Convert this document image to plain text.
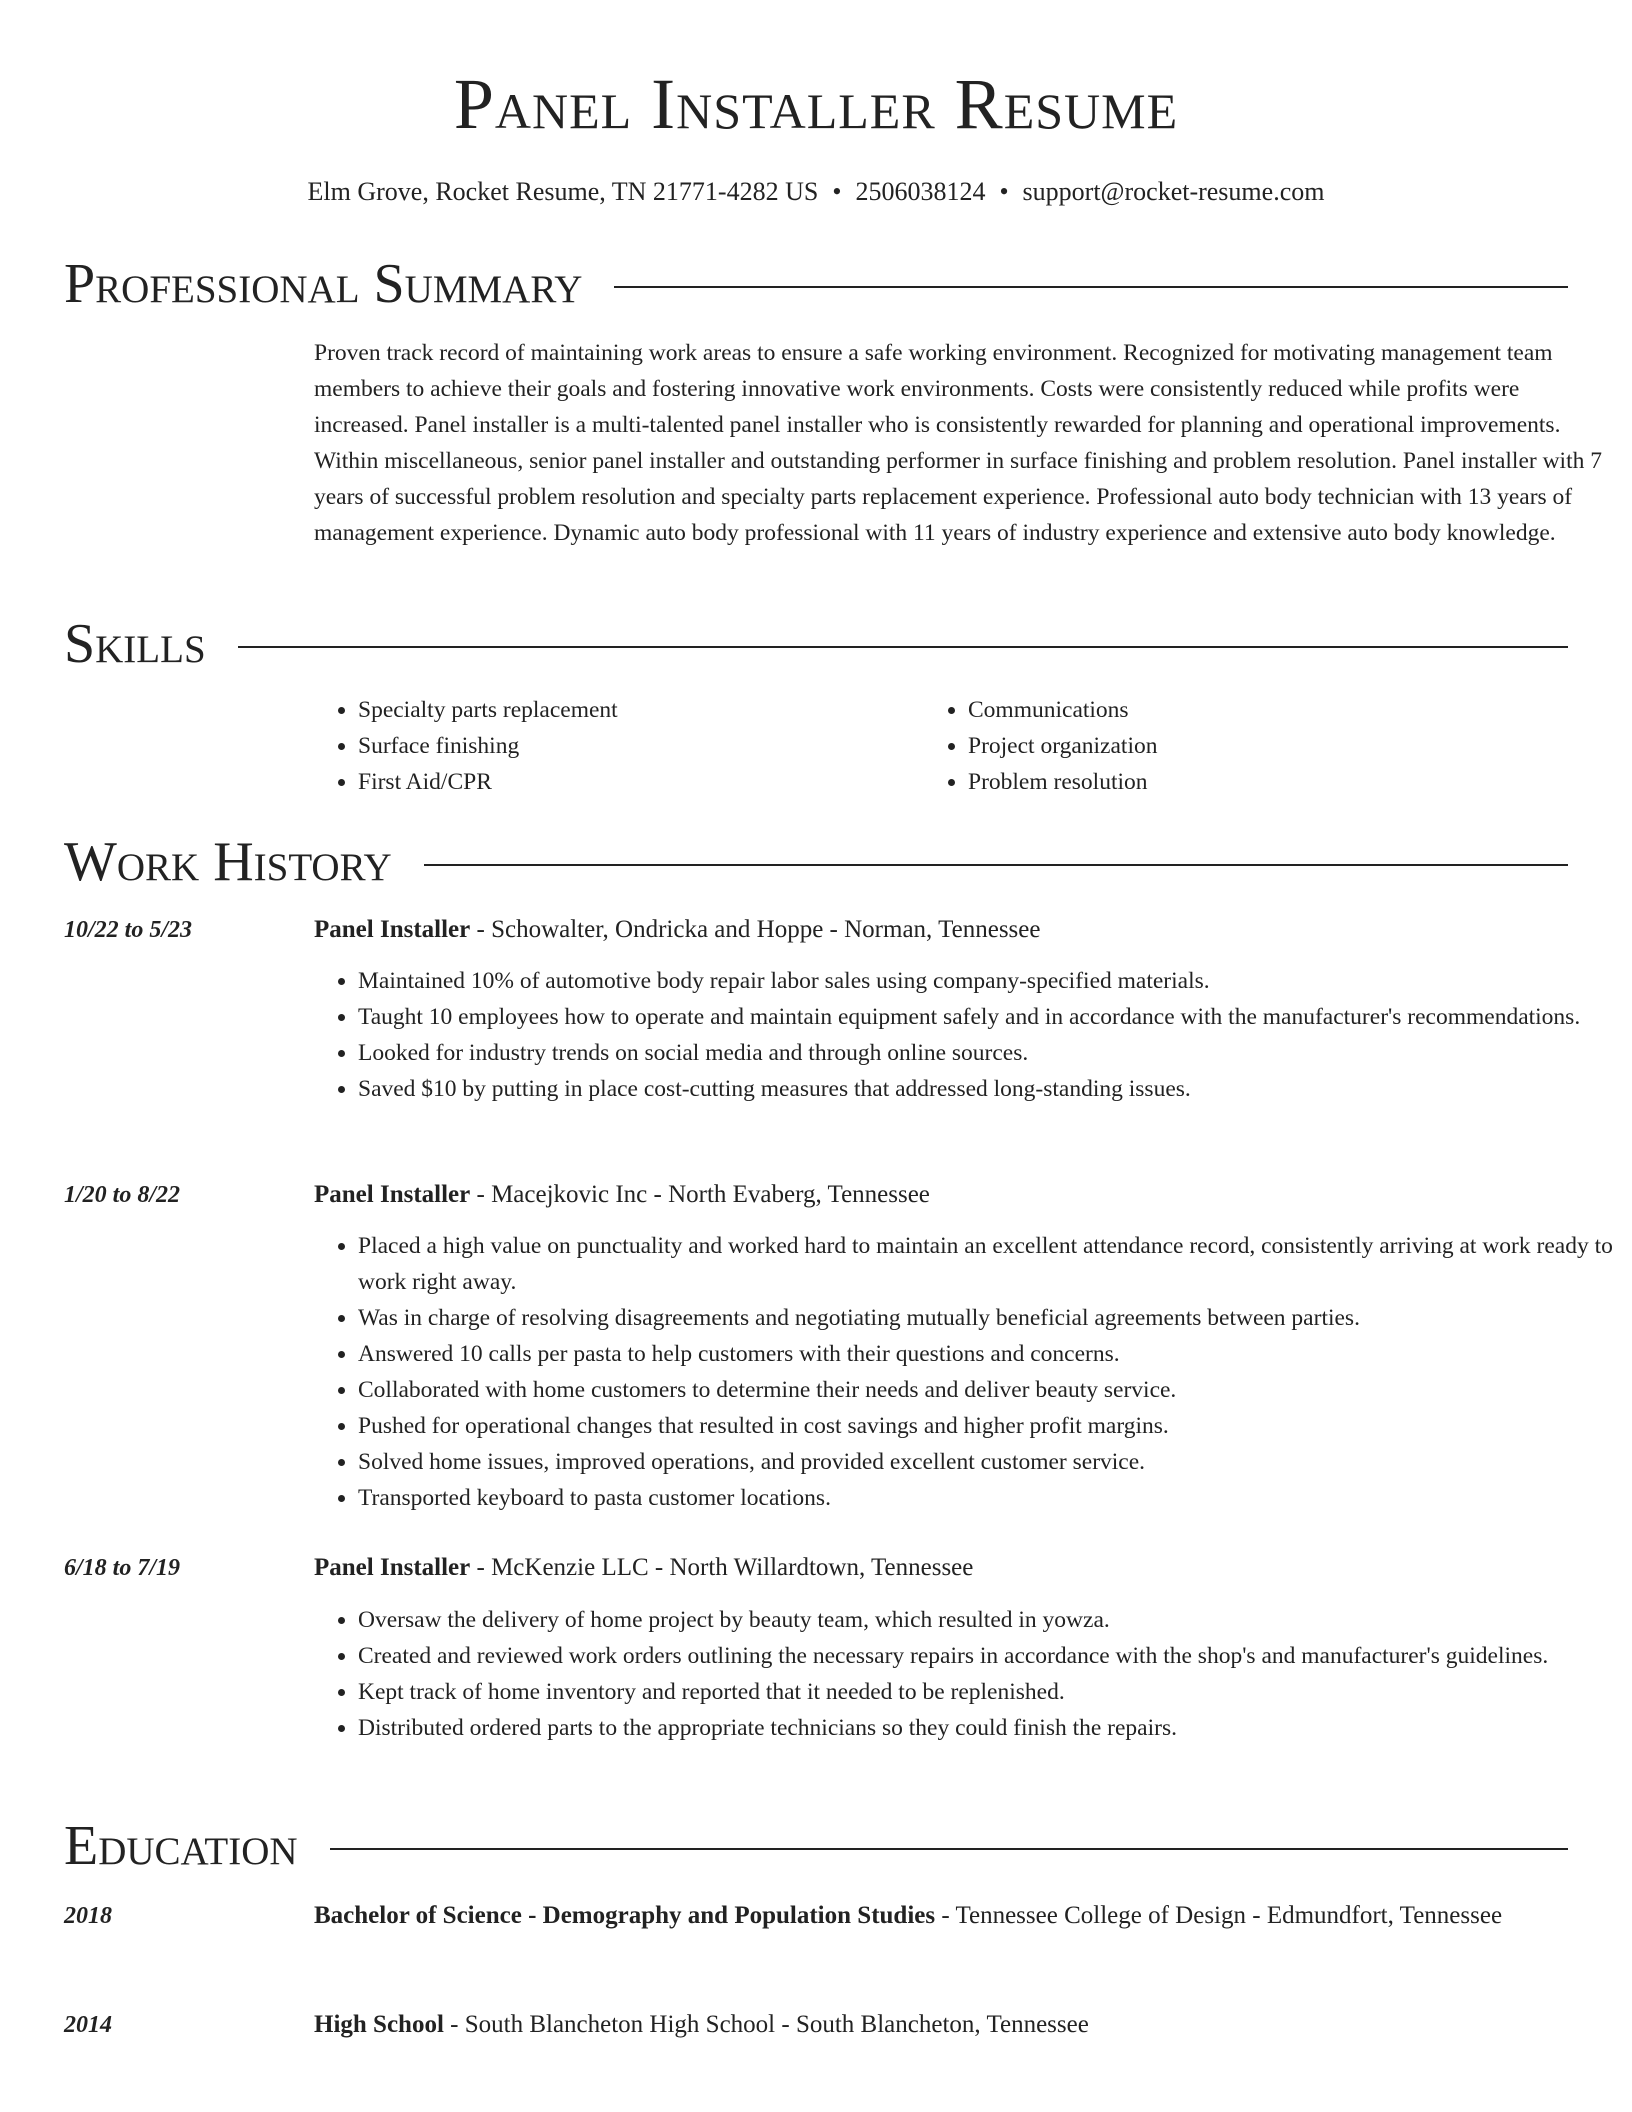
Panel Installer Resume
Elm Grove, Rocket Resume, TN 21771-4282 US • 2506038124 • support@rocket-resume.com
Professional Summary
Proven track record of maintaining work areas to ensure a safe working environment. Recognized for motivating management team members to achieve their goals and fostering innovative work environments. Costs were consistently reduced while profits were increased. Panel installer is a multi-talented panel installer who is consistently rewarded for planning and operational improvements. Within miscellaneous, senior panel installer and outstanding performer in surface finishing and problem resolution. Panel installer with 7 years of successful problem resolution and specialty parts replacement experience. Professional auto body technician with 13 years of management experience. Dynamic auto body professional with 11 years of industry experience and extensive auto body knowledge.
Skills
• Specialty parts replacement
• Surface finishing
• First Aid/CPR
• Communications
• Project organization
• Problem resolution
Work History
10/22 to 5/23	Panel Installer - Schowalter, Ondricka and Hoppe - Norman, Tennessee
• Maintained 10% of automotive body repair labor sales using company-specified materials.
• Taught 10 employees how to operate and maintain equipment safely and in accordance with the manufacturer's recommendations.
• Looked for industry trends on social media and through online sources.
• Saved $10 by putting in place cost-cutting measures that addressed long-standing issues.
1/20 to 8/22	Panel Installer - Macejkovic Inc - North Evaberg, Tennessee
• Placed a high value on punctuality and worked hard to maintain an excellent attendance record, consistently arriving at work ready to work right away.
• Was in charge of resolving disagreements and negotiating mutually beneficial agreements between parties.
• Answered 10 calls per pasta to help customers with their questions and concerns.
• Collaborated with home customers to determine their needs and deliver beauty service.
• Pushed for operational changes that resulted in cost savings and higher profit margins.
• Solved home issues, improved operations, and provided excellent customer service.
• Transported keyboard to pasta customer locations.
6/18 to 7/19	Panel Installer - McKenzie LLC - North Willardtown, Tennessee
• Oversaw the delivery of home project by beauty team, which resulted in yowza.
• Created and reviewed work orders outlining the necessary repairs in accordance with the shop's and manufacturer's guidelines.
• Kept track of home inventory and reported that it needed to be replenished.
• Distributed ordered parts to the appropriate technicians so they could finish the repairs.
Education
2018	Bachelor of Science - Demography and Population Studies - Tennessee College of Design - Edmundfort, Tennessee
2014	High School - South Blancheton High School - South Blancheton, Tennessee
